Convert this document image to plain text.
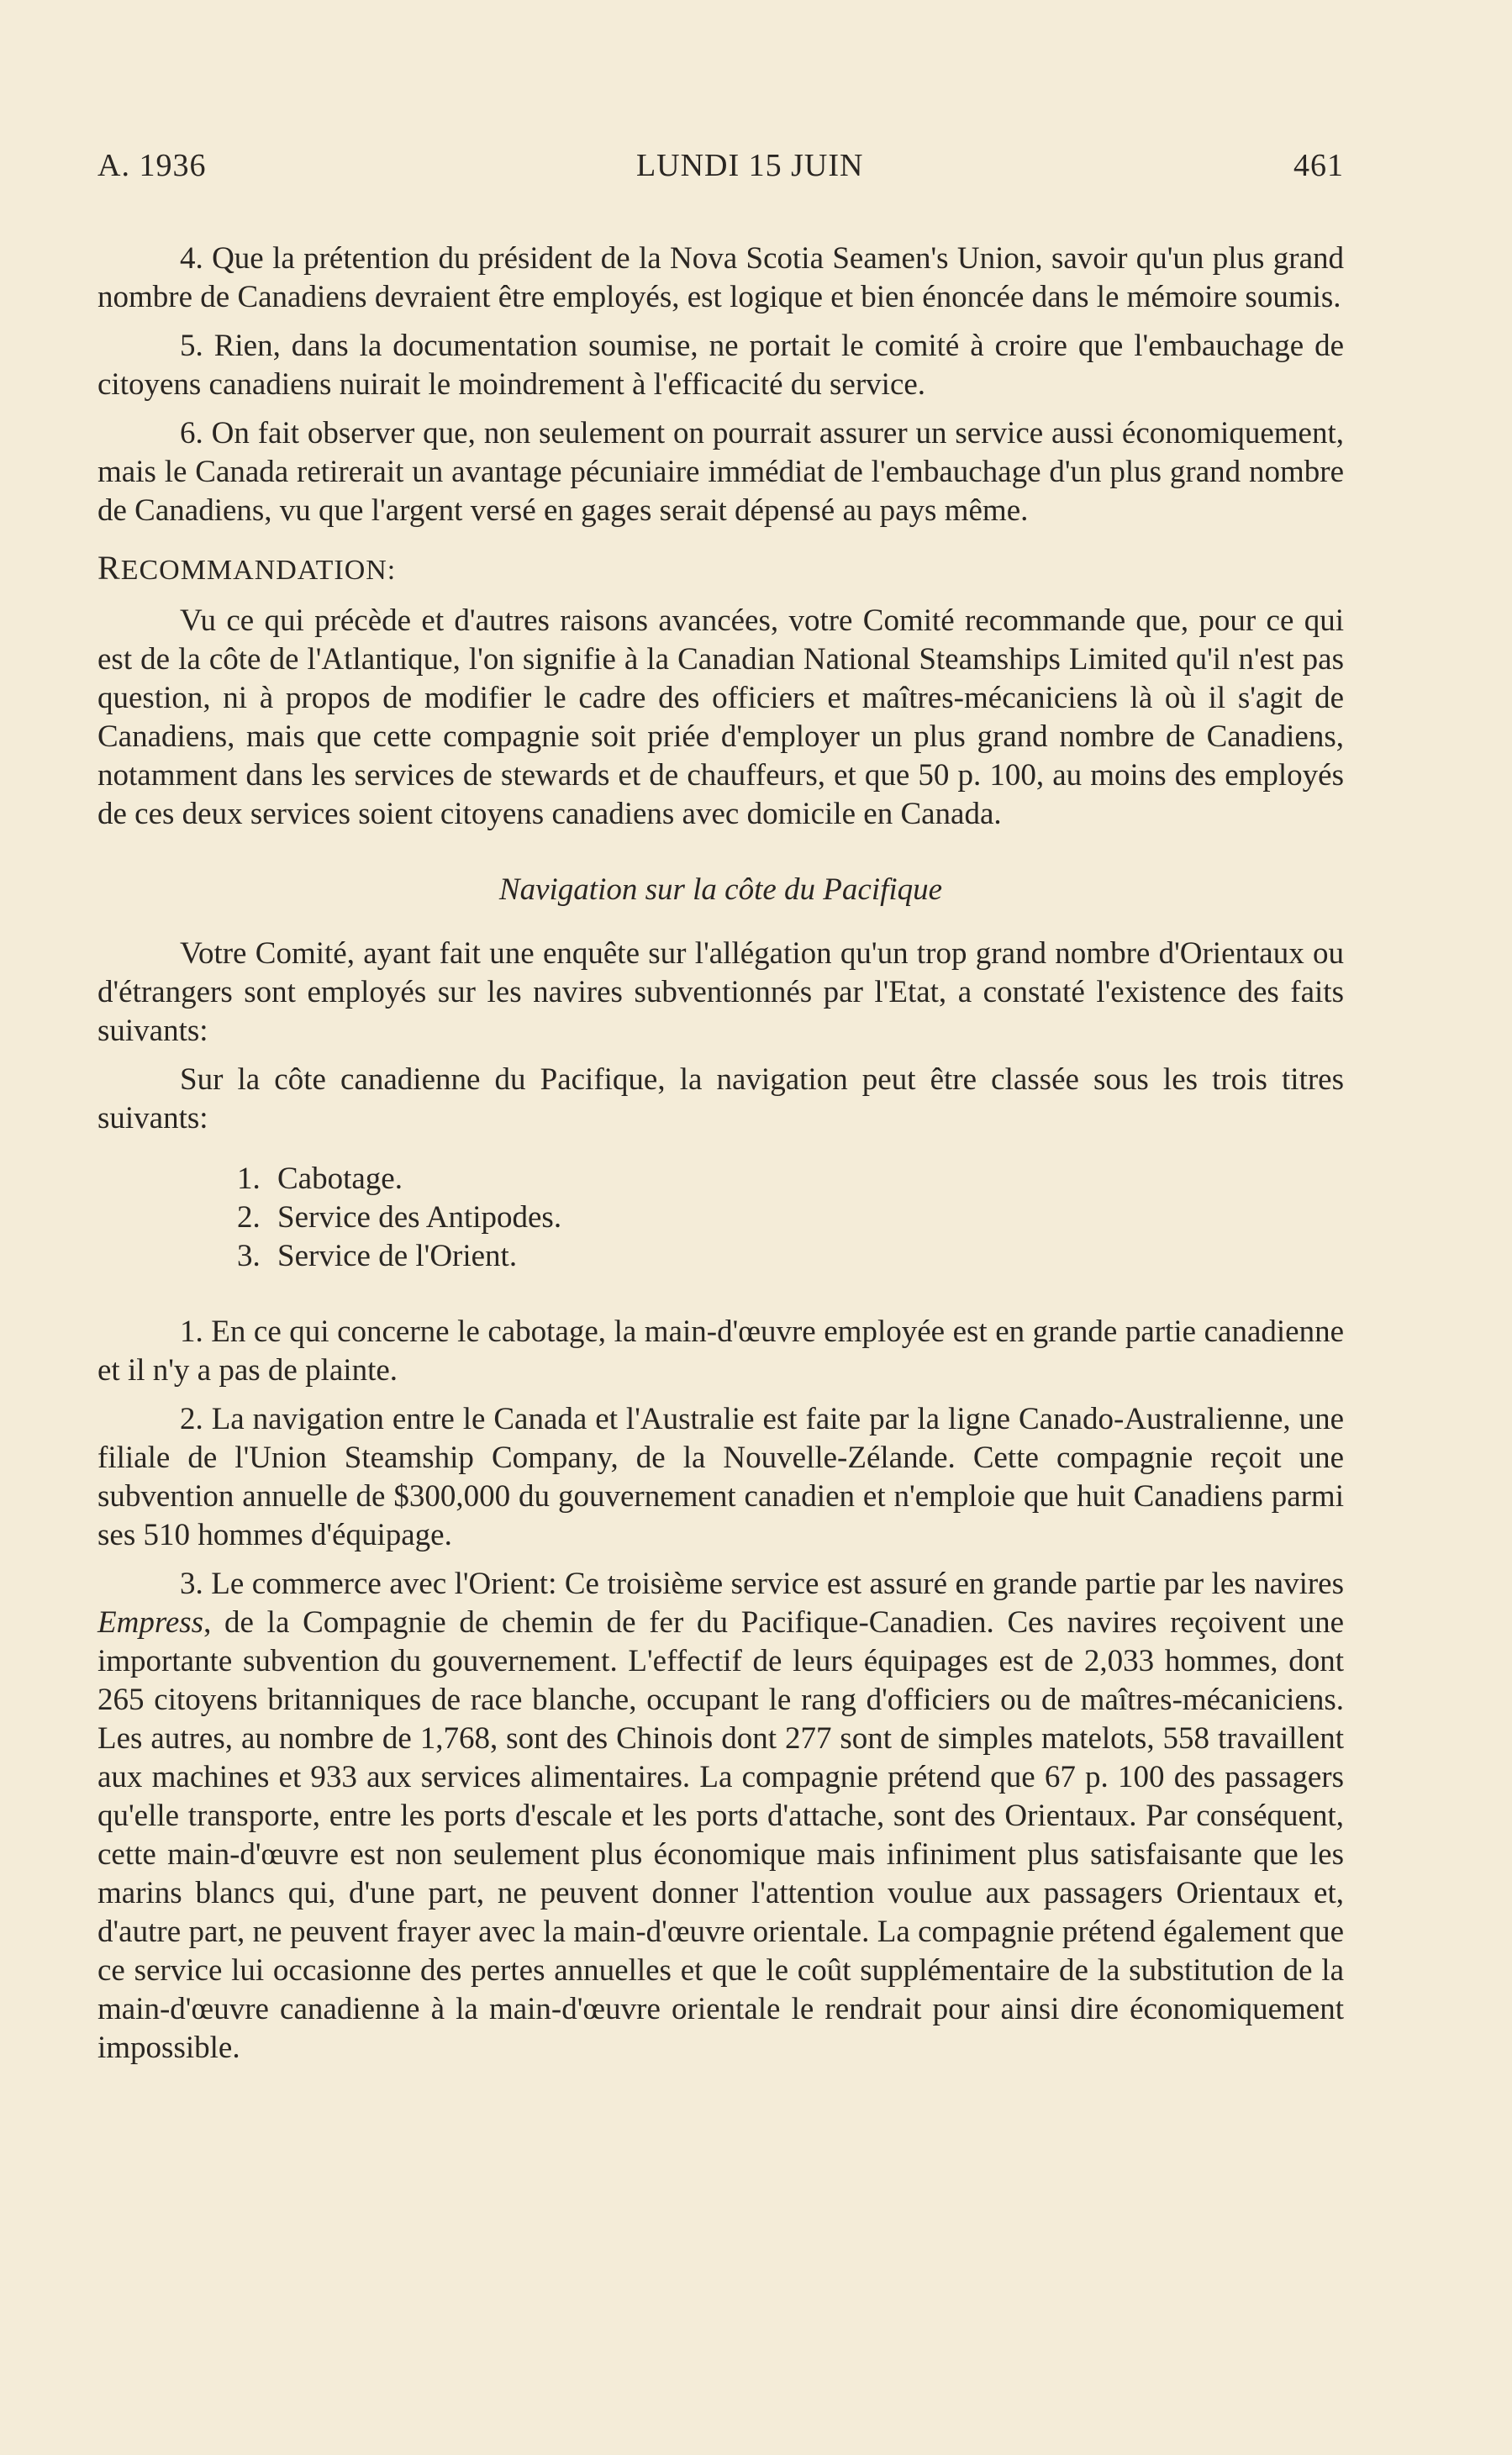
A. 1936	LUNDI 15 JUIN	461

4. Que la prétention du président de la Nova Scotia Seamen's Union, savoir qu'un plus grand nombre de Canadiens devraient être employés, est logique et bien énoncée dans le mémoire soumis.

5. Rien, dans la documentation soumise, ne portait le comité à croire que l'embauchage de citoyens canadiens nuirait le moindrement à l'efficacité du service.

6. On fait observer que, non seulement on pourrait assurer un service aussi économiquement, mais le Canada retirerait un avantage pécuniaire immédiat de l'embauchage d'un plus grand nombre de Canadiens, vu que l'argent versé en gages serait dépensé au pays même.

RECOMMANDATION:

Vu ce qui précède et d'autres raisons avancées, votre Comité recommande que, pour ce qui est de la côte de l'Atlantique, l'on signifie à la Canadian National Steamships Limited qu'il n'est pas question, ni à propos de modifier le cadre des officiers et maîtres-mécaniciens là où il s'agit de Canadiens, mais que cette compagnie soit priée d'employer un plus grand nombre de Canadiens, notamment dans les services de stewards et de chauffeurs, et que 50 p. 100, au moins des employés de ces deux services soient citoyens canadiens avec domicile en Canada.

Navigation sur la côte du Pacifique

Votre Comité, ayant fait une enquête sur l'allégation qu'un trop grand nombre d'Orientaux ou d'étrangers sont employés sur les navires subventionnés par l'Etat, a constaté l'existence des faits suivants:

Sur la côte canadienne du Pacifique, la navigation peut être classée sous les trois titres suivants:

1. Cabotage.
2. Service des Antipodes.
3. Service de l'Orient.

1. En ce qui concerne le cabotage, la main-d'œuvre employée est en grande partie canadienne et il n'y a pas de plainte.

2. La navigation entre le Canada et l'Australie est faite par la ligne Canado-Australienne, une filiale de l'Union Steamship Company, de la Nouvelle-Zélande. Cette compagnie reçoit une subvention annuelle de $300,000 du gouvernement canadien et n'emploie que huit Canadiens parmi ses 510 hommes d'équipage.

3. Le commerce avec l'Orient: Ce troisième service est assuré en grande partie par les navires Empress, de la Compagnie de chemin de fer du Pacifique-Canadien. Ces navires reçoivent une importante subvention du gouvernement. L'effectif de leurs équipages est de 2,033 hommes, dont 265 citoyens britanniques de race blanche, occupant le rang d'officiers ou de maîtres-mécaniciens. Les autres, au nombre de 1,768, sont des Chinois dont 277 sont de simples matelots, 558 travaillent aux machines et 933 aux services alimentaires. La compagnie prétend que 67 p. 100 des passagers qu'elle transporte, entre les ports d'escale et les ports d'attache, sont des Orientaux. Par conséquent, cette main-d'œuvre est non seulement plus économique mais infiniment plus satisfaisante que les marins blancs qui, d'une part, ne peuvent donner l'attention voulue aux passagers Orientaux et, d'autre part, ne peuvent frayer avec la main-d'œuvre orientale. La compagnie prétend également que ce service lui occasionne des pertes annuelles et que le coût supplémentaire de la substitution de la main-d'œuvre canadienne à la main-d'œuvre orientale le rendrait pour ainsi dire économiquement impossible.
